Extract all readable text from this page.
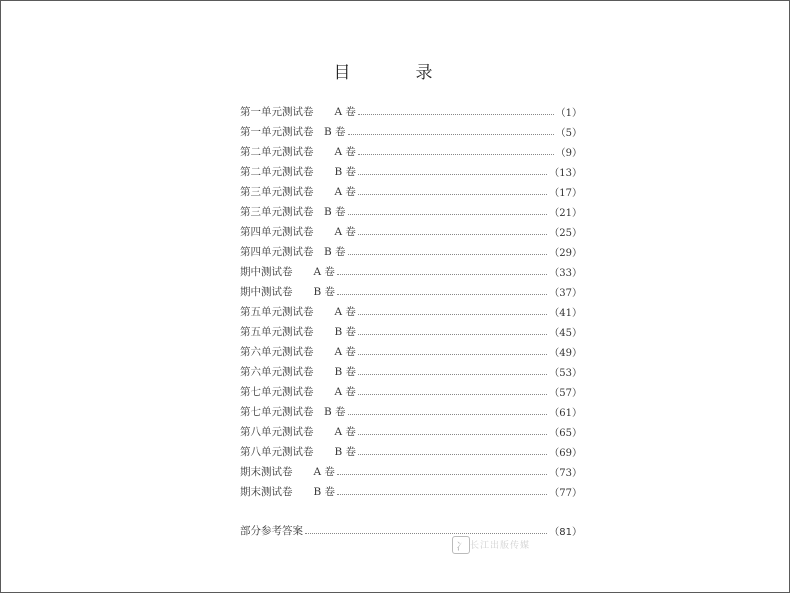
目　录
第一单元测试卷　　A 卷	（1）
第一单元测试卷　B 卷	（5）
第二单元测试卷　　A 卷	（9）
第二单元测试卷　　B 卷	（13）
第三单元测试卷　　A 卷	（17）
第三单元测试卷　B 卷	（21）
第四单元测试卷　　A 卷	（25）
第四单元测试卷　B 卷	（29）
期中测试卷　　A 卷	（33）
期中测试卷　　B 卷	（37）
第五单元测试卷　　A 卷	（41）
第五单元测试卷　　B 卷	（45）
第六单元测试卷　　A 卷	（49）
第六单元测试卷　　B 卷	（53）
第七单元测试卷　　A 卷	（57）
第七单元测试卷　B 卷	（61）
第八单元测试卷　　A 卷	（65）
第八单元测试卷　　B 卷	（69）
期末测试卷　　A 卷	（73）
期末测试卷　　B 卷	（77）
部分参考答案	（81）
冫 长江出版传媒
